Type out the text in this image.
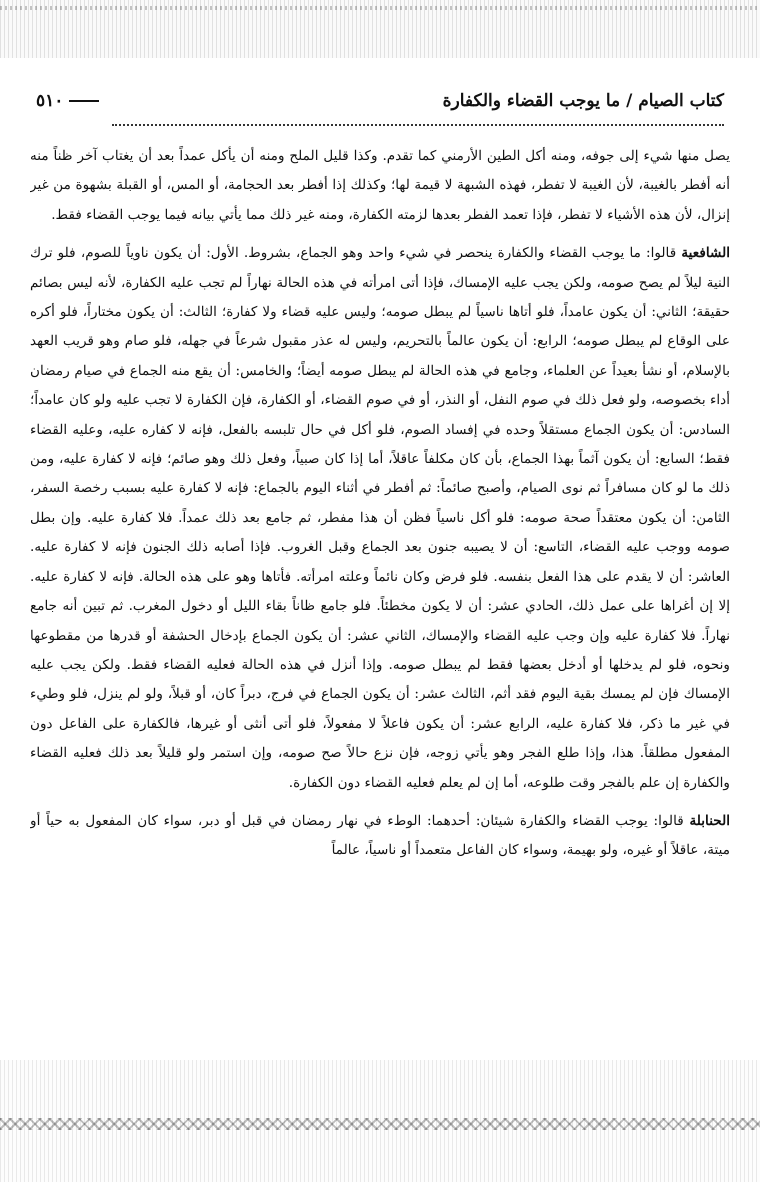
كتاب الصيام / ما يوجب القضاء والكفارة
٥١٠

يصل منها شيء إلى جوفه، ومنه أكل الطين الأرمني كما تقدم. وكذا قليل الملح ومنه أن يأكل عمداً بعد أن يغتاب آخر ظناً منه أنه أفطر بالغيبة، لأن الغيبة لا تفطر، فهذه الشبهة لا قيمة لها؛ وكذلك إذا أفطر بعد الحجامة، أو المس، أو القبلة بشهوة من غير إنزال، لأن هذه الأشياء لا تفطر، فإذا تعمد الفطر بعدها لزمته الكفارة، ومنه غير ذلك مما يأتي بيانه فيما يوجب القضاء فقط.

الشافعية قالوا: ما يوجب القضاء والكفارة ينحصر في شيء واحد وهو الجماع، بشروط. الأول: أن يكون ناوياً للصوم، فلو ترك النية ليلاً لم يصح صومه، ولكن يجب عليه الإمساك، فإذا أتى امرأته في هذه الحالة نهاراً لم تجب عليه الكفارة، لأنه ليس بصائم حقيقة؛ الثاني: أن يكون عامداً، فلو أتاها ناسياً لم يبطل صومه؛ وليس عليه قضاء ولا كفارة؛ الثالث: أن يكون مختاراً، فلو أكره على الوقاع لم يبطل صومه؛ الرابع: أن يكون عالماً بالتحريم، وليس له عذر مقبول شرعاً في جهله، فلو صام وهو قريب العهد بالإسلام، أو نشأ بعيداً عن العلماء، وجامع في هذه الحالة لم يبطل صومه أيضاً؛ والخامس: أن يقع منه الجماع في صيام رمضان أداء بخصوصه، ولو فعل ذلك في صوم النفل، أو النذر، أو في صوم القضاء، أو الكفارة، فإن الكفارة لا تجب عليه ولو كان عامداً؛ السادس: أن يكون الجماع مستقلاً وحده في إفساد الصوم، فلو أكل في حال تلبسه بالفعل، فإنه لا كفاره عليه، وعليه القضاء فقط؛ السابع: أن يكون آثماً بهذا الجماع، بأن كان مكلفاً عاقلاً، أما إذا كان صبياً، وفعل ذلك وهو صائم؛ فإنه لا كفارة عليه، ومن ذلك ما لو كان مسافراً ثم نوى الصيام، وأصبح صائماً: ثم أفطر في أثناء اليوم بالجماع: فإنه لا كفارة عليه بسبب رخصة السفر، الثامن: أن يكون معتقداً صحة صومه: فلو أكل ناسياً فظن أن هذا مفطر، ثم جامع بعد ذلك عمداً. فلا كفارة عليه. وإن بطل صومه ووجب عليه القضاء، التاسع: أن لا يصيبه جنون بعد الجماع وقبل الغروب. فإذا أصابه ذلك الجنون فإنه لا كفارة عليه. العاشر: أن لا يقدم على هذا الفعل بنفسه. فلو فرض وكان نائماً وعلته امرأته. فأتاها وهو على هذه الحالة. فإنه لا كفارة عليه. إلا إن أغراها على عمل ذلك، الحادي عشر: أن لا يكون مخطئاً. فلو جامع ظاناً بقاء الليل أو دخول المغرب. ثم تبين أنه جامع نهاراً. فلا كفارة عليه وإن وجب عليه القضاء والإمساك، الثاني عشر: أن يكون الجماع بإدخال الحشفة أو قدرها من مقطوعها ونحوه، فلو لم يدخلها أو أدخل بعضها فقط لم يبطل صومه. وإذا أنزل في هذه الحالة فعليه القضاء فقط. ولكن يجب عليه الإمساك فإن لم يمسك بقية اليوم فقد أثم، الثالث عشر: أن يكون الجماع في فرج، دبراً كان، أو قبلاً، ولو لم ينزل، فلو وطيء في غير ما ذكر، فلا كفارة عليه، الرابع عشر: أن يكون فاعلاً لا مفعولاً، فلو أتى أنثى أو غيرها، فالكفارة على الفاعل دون المفعول مطلقاً. هذا، وإذا طلع الفجر وهو يأتي زوجه، فإن نزع حالاً صح صومه، وإن استمر ولو قليلاً بعد ذلك فعليه القضاء والكفارة إن علم بالفجر وقت طلوعه، أما إن لم يعلم فعليه القضاء دون الكفارة.

الحنابلة قالوا: يوجب القضاء والكفارة شيئان: أحدهما: الوطء في نهار رمضان في قبل أو دبر، سواء كان المفعول به حياً أو ميتة، عاقلاً أو غيره، ولو بهيمة، وسواء كان الفاعل متعمداً أو ناسياً، عالماً
